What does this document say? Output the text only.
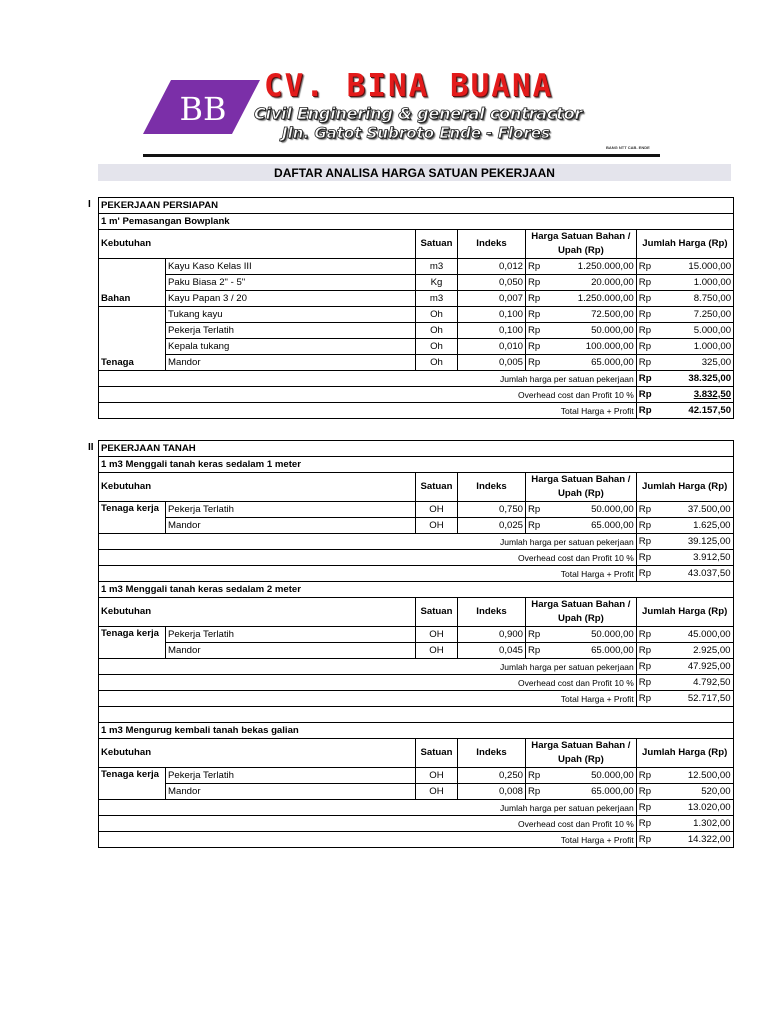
BB
CV. BINA BUANA
Civil Enginering & general contractor
Jln. Gatot Subroto Ende - Flores
BANG NTT CAB. ENDE
DAFTAR ANALISA HARGA SATUAN PEKERJAAN
I PEKERJAAN PERSIAPAN							
1 m' Pemasangan Bowplank							
Kebutuhan		Satuan	Indeks	Harga Satuan Bahan / Upah (Rp)		Jumlah Harga (Rp)	
Bahan	Kayu Kaso Kelas III	m3	0,012	Rp	1.250.000,00	Rp	15.000,00
	Paku Biasa 2" - 5"	Kg	0,050	Rp	20.000,00	Rp	1.000,00
	Kayu Papan 3 / 20	m3	0,007	Rp	1.250.000,00	Rp	8.750,00
Tenaga	Tukang kayu	Oh	0,100	Rp	72.500,00	Rp	7.250,00
	Pekerja Terlatih	Oh	0,100	Rp	50.000,00	Rp	5.000,00
	Kepala tukang	Oh	0,010	Rp	100.000,00	Rp	1.000,00
	Mandor	Oh	0,005	Rp	65.000,00	Rp	325,00
Jumlah harga per satuan pekerjaan						Rp	38.325,00
Overhead cost dan Profit 10 %						Rp	3.832,50
Total Harga + Profit						Rp	42.157,50
II PEKERJAAN TANAH							
1 m3 Menggali tanah keras sedalam 1 meter							
Kebutuhan		Satuan	Indeks	Harga Satuan Bahan / Upah (Rp)		Jumlah Harga (Rp)	
Tenaga kerja	Pekerja Terlatih	OH	0,750	Rp	50.000,00	Rp	37.500,00
	Mandor	OH	0,025	Rp	65.000,00	Rp	1.625,00
Jumlah harga per satuan pekerjaan						Rp	39.125,00
Overhead cost dan Profit 10 %						Rp	3.912,50
Total Harga + Profit						Rp	43.037,50
1 m3 Menggali tanah keras sedalam 2 meter							
Kebutuhan		Satuan	Indeks	Harga Satuan Bahan / Upah (Rp)		Jumlah Harga (Rp)	
Tenaga kerja	Pekerja Terlatih	OH	0,900	Rp	50.000,00	Rp	45.000,00
	Mandor	OH	0,045	Rp	65.000,00	Rp	2.925,00
Jumlah harga per satuan pekerjaan						Rp	47.925,00
Overhead cost dan Profit 10 %						Rp	4.792,50
Total Harga + Profit						Rp	52.717,50

1 m3 Mengurug kembali tanah bekas galian							
Kebutuhan		Satuan	Indeks	Harga Satuan Bahan / Upah (Rp)		Jumlah Harga (Rp)	
Tenaga kerja	Pekerja Terlatih	OH	0,250	Rp	50.000,00	Rp	12.500,00
	Mandor	OH	0,008	Rp	65.000,00	Rp	520,00
Jumlah harga per satuan pekerjaan						Rp	13.020,00
Overhead cost dan Profit 10 %						Rp	1.302,00
Total Harga + Profit						Rp	14.322,00
